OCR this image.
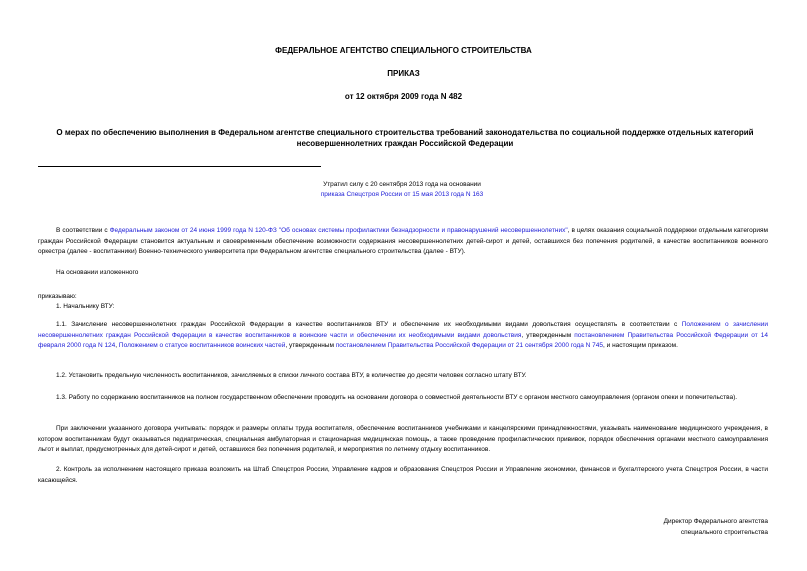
ФЕДЕРАЛЬНОЕ АГЕНТСТВО СПЕЦИАЛЬНОГО СТРОИТЕЛЬСТВА
ПРИКАЗ
от 12 октября 2009 года N 482
О мерах по обеспечению выполнения в Федеральном агентстве специального строительства требований законодательства по социальной поддержке отдельных категорий несовершеннолетних граждан Российской Федерации
Утратил силу с 20 сентября 2013 года на основании
приказа Спецстроя России от 15 мая 2013 года N 163

В соответствии с Федеральным законом от 24 июня 1999 года N 120-ФЗ "Об основах системы профилактики безнадзорности и правонарушений несовершеннолетних", в целях оказания социальной поддержки отдельным категориям граждан Российской Федерации становится актуальным и своевременным обеспечение возможности содержания несовершеннолетних детей-сирот и детей, оставшихся без попечения родителей, в качестве воспитанников военного оркестра (далее - воспитанники) Военно-технического университета при Федеральном агентстве специального строительства (далее - ВТУ).

На основании изложенного
приказываю:
1. Начальнику ВТУ:

1.1. Зачисление несовершеннолетних граждан Российской Федерации в качестве воспитанников ВТУ и обеспечение их необходимыми видами довольствия осуществлять в соответствии с Положением о зачислении несовершеннолетних граждан Российской Федерации в качестве воспитанников в воинские части и обеспечении их необходимыми видами довольствия, утвержденным постановлением Правительства Российской Федерации от 14 февраля 2000 года N 124, Положением о статусе воспитанников воинских частей, утвержденным постановлением Правительства Российской Федерации от 21 сентября 2000 года N 745, и настоящим приказом.

1.2. Установить предельную численность воспитанников, зачисляемых в списки личного состава ВТУ, в количестве до десяти человек согласно штату ВТУ.

1.3. Работу по содержанию воспитанников на полном государственном обеспечении проводить на основании договора о совместной деятельности ВТУ с органом местного самоуправления (органом опеки и попечительства).

При заключении указанного договора учитывать: порядок и размеры оплаты труда воспитателя, обеспечение воспитанников учебниками и канцелярскими принадлежностями, указывать наименование медицинского учреждения, в котором воспитанникам будут оказываться педиатрическая, специальная амбулаторная и стационарная медицинская помощь, а также проведение профилактических прививок, порядок обеспечения органами местного самоуправления льгот и выплат, предусмотренных для детей-сирот и детей, оставшихся без попечения родителей, и мероприятия по летнему отдыху воспитанников.

2. Контроль за исполнением настоящего приказа возложить на Штаб Спецстроя России, Управление кадров и образования Спецстроя России и Управление экономики, финансов и бухгалтерского учета Спецстроя России, в части касающейся.

Директор Федерального агентства
специального строительства
